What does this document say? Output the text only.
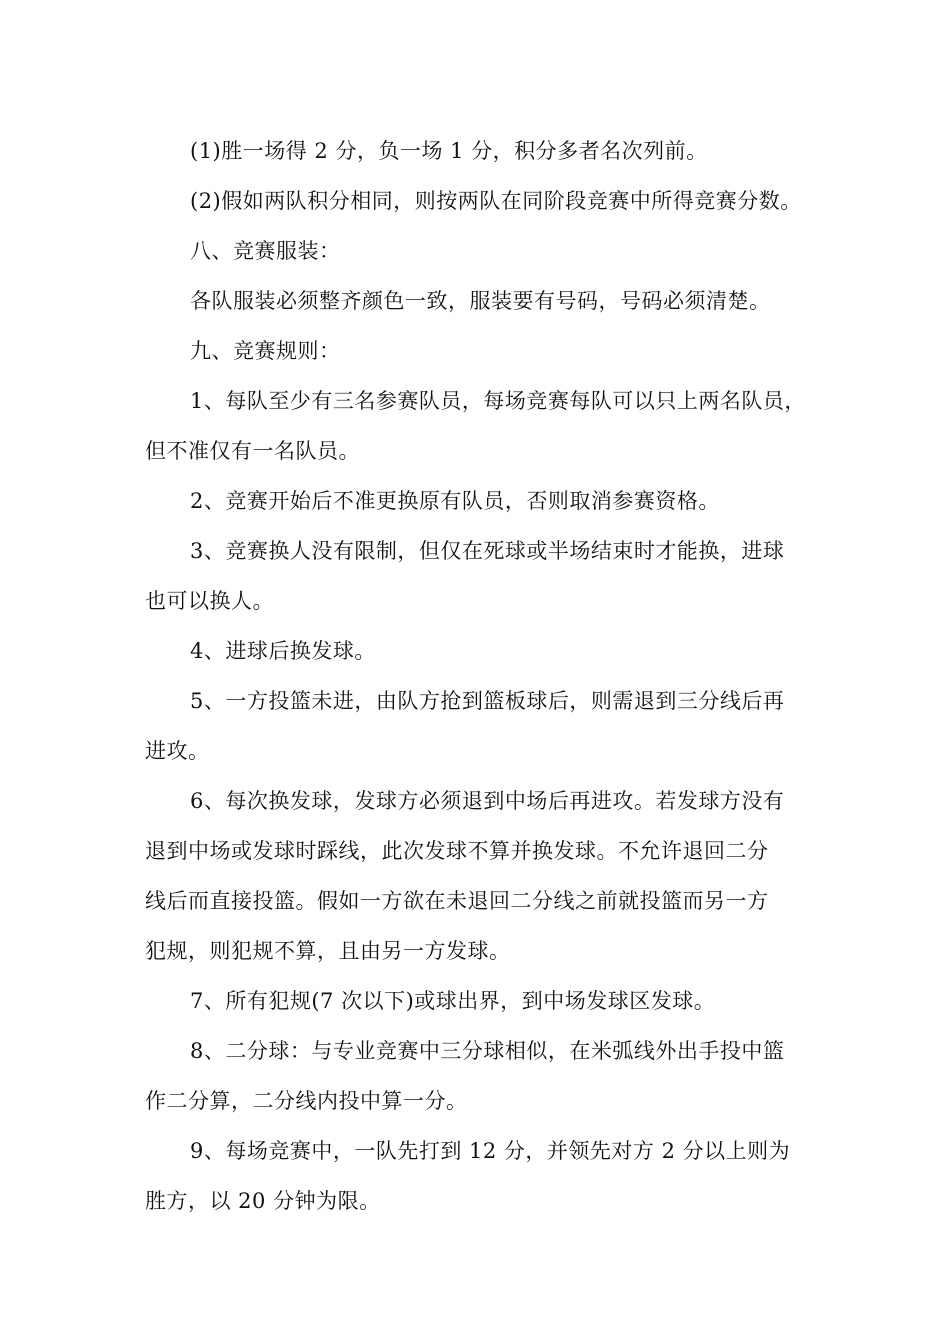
(1)胜一场得 2 分，负一场 1 分，积分多者名次列前。
(2)假如两队积分相同，则按两队在同阶段竞赛中所得竞赛分数。
八、竞赛服装：
各队服装必须整齐颜色一致，服装要有号码，号码必须清楚。
九、竞赛规则：
1、每队至少有三名参赛队员，每场竞赛每队可以只上两名队员，
但不准仅有一名队员。
2、竞赛开始后不准更换原有队员，否则取消参赛资格。
3、竞赛换人没有限制，但仅在死球或半场结束时才能换，进球
也可以换人。
4、进球后换发球。
5、一方投篮未进，由队方抢到篮板球后，则需退到三分线后再
进攻。
6、每次换发球，发球方必须退到中场后再进攻。若发球方没有
退到中场或发球时踩线，此次发球不算并换发球。不允许退回二分
线后而直接投篮。假如一方欲在未退回二分线之前就投篮而另一方
犯规，则犯规不算，且由另一方发球。
7、所有犯规(7 次以下)或球出界，到中场发球区发球。
8、二分球：与专业竞赛中三分球相似，在米弧线外出手投中篮
作二分算，二分线内投中算一分。
9、每场竞赛中，一队先打到 12 分，并领先对方 2 分以上则为
胜方，以 20 分钟为限。
